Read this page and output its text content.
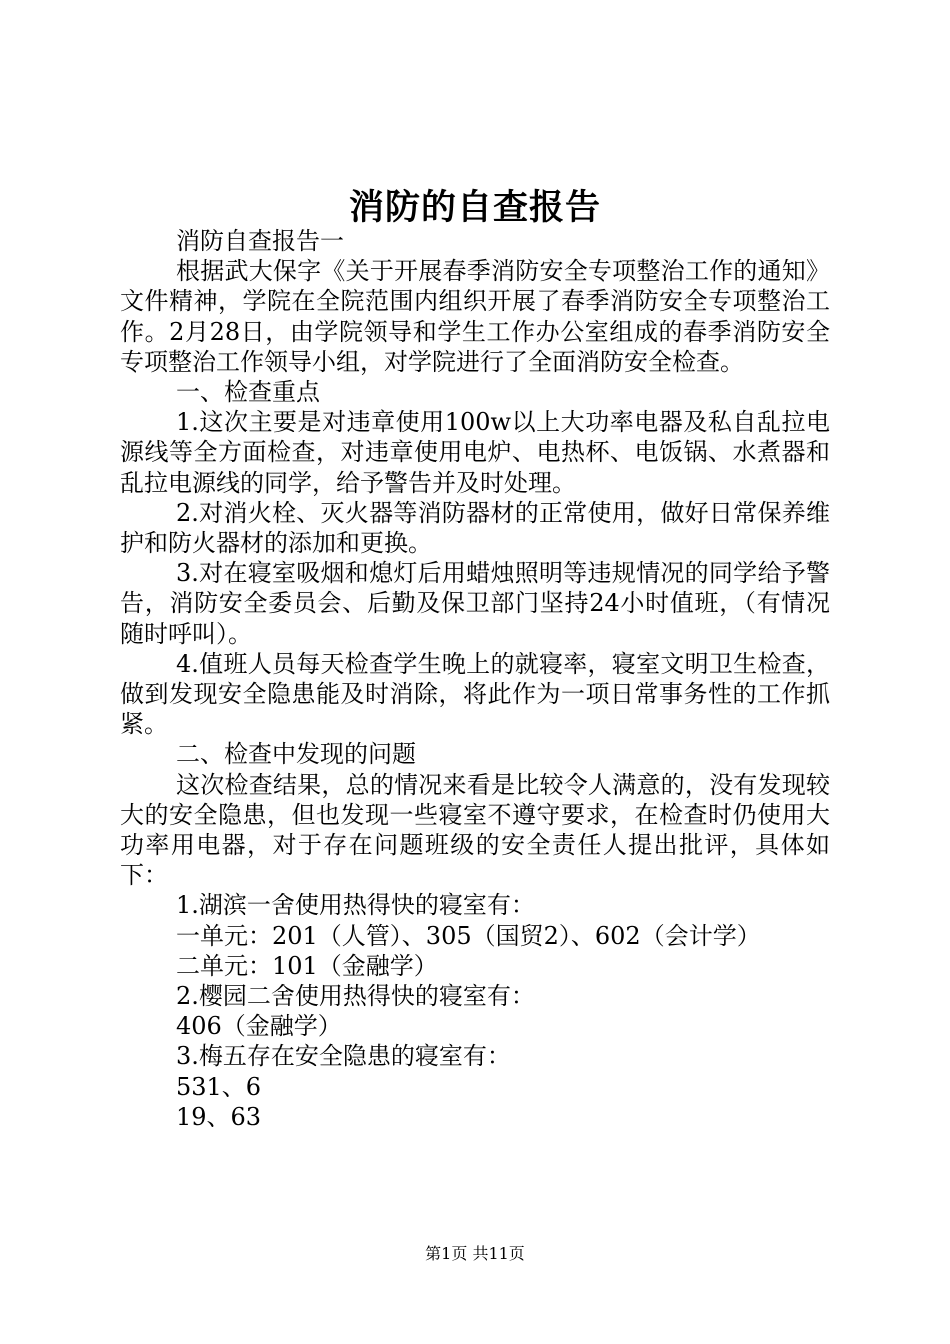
消防的自查报告

消防自查报告一

根据武大保字《关于开展春季消防安全专项整治工作的通知》文件精神，学院在全院范围内组织开展了春季消防安全专项整治工作。2月28日，由学院领导和学生工作办公室组成的春季消防安全专项整治工作领导小组，对学院进行了全面消防安全检查。

一、检查重点

1.这次主要是对违章使用100w以上大功率电器及私自乱拉电源线等全方面检查，对违章使用电炉、电热杯、电饭锅、水煮器和乱拉电源线的同学，给予警告并及时处理。

2.对消火栓、灭火器等消防器材的正常使用，做好日常保养维护和防火器材的添加和更换。

3.对在寝室吸烟和熄灯后用蜡烛照明等违规情况的同学给予警告，消防安全委员会、后勤及保卫部门坚持24小时值班，（有情况随时呼叫）。

4.值班人员每天检查学生晚上的就寝率，寝室文明卫生检查，做到发现安全隐患能及时消除，将此作为一项日常事务性的工作抓紧。

二、检查中发现的问题

这次检查结果，总的情况来看是比较令人满意的，没有发现较大的安全隐患，但也发现一些寝室不遵守要求，在检查时仍使用大功率用电器，对于存在问题班级的安全责任人提出批评，具体如下：

1.湖滨一舍使用热得快的寝室有：

一单元：201（人管）、305（国贸2）、602（会计学）

二单元：101（金融学）

2.樱园二舍使用热得快的寝室有：

406（金融学）

3.梅五存在安全隐患的寝室有：

531、6

19、63

第1页 共11页
